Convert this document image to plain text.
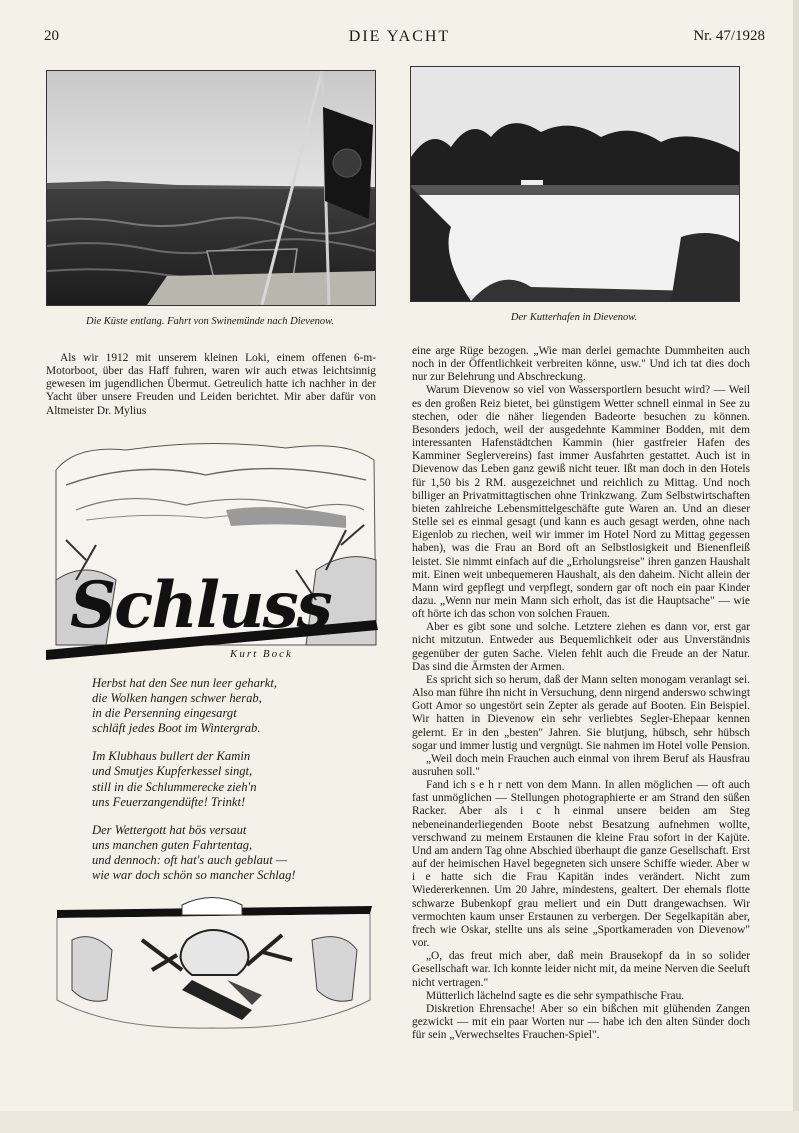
20	DIE YACHT	Nr. 47/1928
Die Küste entlang. Fahrt von Swinemünde nach Dievenow.	Der Kutterhafen in Dievenow.

Als wir 1912 mit unserem kleinen Loki, einem offenen 6-m-Motorboot, über das Haff fuhren, waren wir auch etwas leichtsinnig gewesen im jugendlichen Übermut. Getreulich hatte ich nachher in der Yacht über unsere Freuden und Leiden berichtet. Mir aber dafür von Altmeister Dr. Mylius

Schluss
Kurt Bock
Herbst hat den See nun leer geharkt,
die Wolken hangen schwer herab,
in die Persenning eingesargt
schläft jedes Boot im Wintergrab.
Im Klubhaus bullert der Kamin
und Smutjes Kupferkessel singt,
still in die Schlummerecke zieh'n
uns Feuerzangendüfte! Trinkt!
Der Wettergott hat bös versaut
uns manchen guten Fahrtentag,
und dennoch: oft hat's auch geblaut —
wie war doch schön so mancher Schlag!

eine arge Rüge bezogen. „Wie man derlei gemachte Dummheiten auch noch in der Öffentlichkeit verbreiten könne, usw." Und ich tat dies doch nur zur Belehrung und Abschreckung.

Warum Dievenow so viel von Wassersportlern besucht wird? — Weil es den großen Reiz bietet, bei günstigem Wetter schnell einmal in See zu stechen, oder die näher liegenden Badeorte besuchen zu können. Besonders jedoch, weil der ausgedehnte Kamminer Bodden, mit dem interessanten Hafenstädtchen Kammin (hier gastfreier Hafen des Kamminer Seglervereins) fast immer Ausfahrten gestattet. Auch ist in Dievenow das Leben ganz gewiß nicht teuer. Ißt man doch in den Hotels für 1,50 bis 2 RM. ausgezeichnet und reichlich zu Mittag. Und noch billiger an Privatmittagtischen ohne Trinkzwang. Zum Selbstwirtschaften bieten zahlreiche Lebensmittelgeschäfte gute Waren an. Und an dieser Stelle sei es einmal gesagt (und kann es auch gesagt werden, ohne nach Eigenlob zu riechen, weil wir immer im Hotel Nord zu Mittag gegessen haben), was die Frau an Bord oft an Selbstlosigkeit und Bienenfleiß leistet. Sie nimmt einfach auf die „Erholungsreise" ihren ganzen Haushalt mit. Einen weit unbequemeren Haushalt, als den daheim. Nicht allein der Mann wird gepflegt und verpflegt, sondern gar oft noch ein paar Kinder dazu. „Wenn nur mein Mann sich erholt, das ist die Hauptsache" — wie oft hörte ich das schon von solchen Frauen.

Aber es gibt sone und solche. Letztere ziehen es dann vor, erst gar nicht mitzutun. Entweder aus Bequemlichkeit oder aus Unverständnis gegenüber der guten Sache. Vielen fehlt auch die Freude an der Natur. Das sind die Ärmsten der Armen.

Es spricht sich so herum, daß der Mann selten monogam veranlagt sei. Also man führe ihn nicht in Versuchung, denn nirgend anderswo schwingt Gott Amor so ungestört sein Zepter als gerade auf Booten. Ein Beispiel. Wir hatten in Dievenow ein sehr verliebtes Segler-Ehepaar kennen gelernt. Er in den „besten" Jahren. Sie blutjung, hübsch, sehr hübsch sogar und immer lustig und vergnügt. Sie nahmen im Hotel volle Pension.

„Weil doch mein Frauchen auch einmal von ihrem Beruf als Hausfrau ausruhen soll."

Fand ich s e h r nett von dem Mann. In allen möglichen — oft auch fast unmöglichen — Stellungen photographierte er am Strand den süßen Racker. Aber als i c h einmal unsere beiden am Steg nebeneinanderliegenden Boote nebst Besatzung aufnehmen wollte, verschwand zu meinem Erstaunen die kleine Frau sofort in der Kajüte. Und am andern Tag ohne Abschied überhaupt die ganze Gesellschaft. Erst auf der heimischen Havel begegneten sich unsere Schiffe wieder. Aber w i e hatte sich die Frau Kapitän indes verändert. Nicht zum Wiedererkennen. Um 20 Jahre, mindestens, gealtert. Der ehemals flotte schwarze Bubenkopf grau meliert und ein Dutt drangewachsen. Wir vermochten kaum unser Erstaunen zu verbergen. Der Segelkapitän aber, frech wie Oskar, stellte uns als seine „Sportkameraden von Dievenow" vor.

„O, das freut mich aber, daß mein Brausekopf da in so solider Gesellschaft war. Ich konnte leider nicht mit, da meine Nerven die Seeluft nicht vertragen."

Mütterlich lächelnd sagte es die sehr sympathische Frau.

Diskretion Ehrensache! Aber so ein bißchen mit glühenden Zangen gezwickt — mit ein paar Worten nur — habe ich den alten Sünder doch für sein „Verwechseltes Frauchen-Spiel".
